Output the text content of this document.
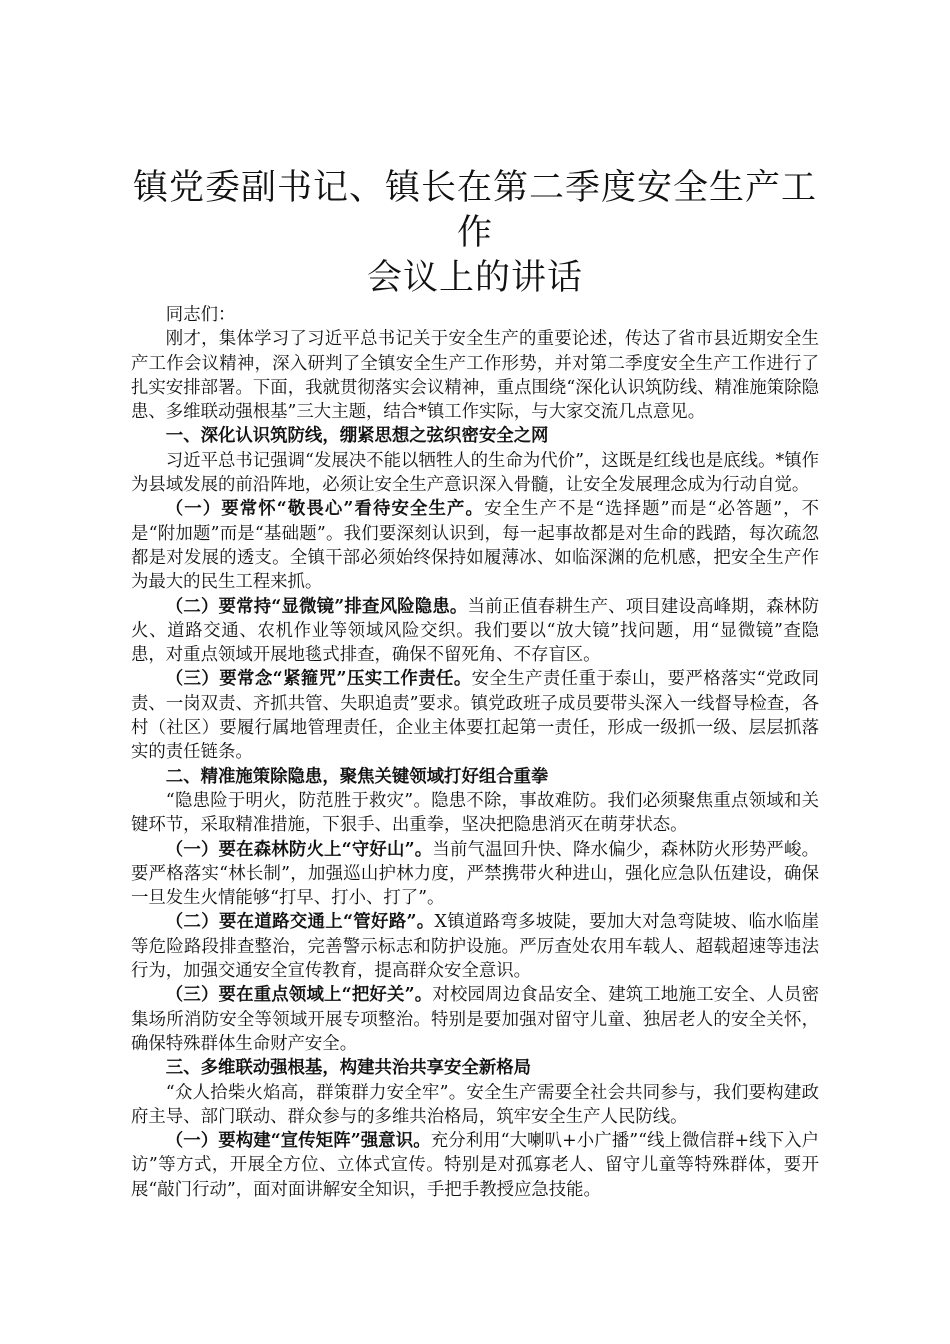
镇党委副书记、镇长在第二季度安全生产工作
会议上的讲话

同志们：

刚才，集体学习了习近平总书记关于安全生产的重要论述，传达了省市县近期安全生产工作会议精神，深入研判了全镇安全生产工作形势，并对第二季度安全生产工作进行了扎实安排部署。下面，我就贯彻落实会议精神，重点围绕“深化认识筑防线、精准施策除隐患、多维联动强根基”三大主题，结合*镇工作实际，与大家交流几点意见。

一、深化认识筑防线，绷紧思想之弦织密安全之网

习近平总书记强调“发展决不能以牺牲人的生命为代价”，这既是红线也是底线。*镇作为县域发展的前沿阵地，必须让安全生产意识深入骨髓，让安全发展理念成为行动自觉。

（一）要常怀“敬畏心”看待安全生产。安全生产不是“选择题”而是“必答题”，不是“附加题”而是“基础题”。我们要深刻认识到，每一起事故都是对生命的践踏，每次疏忽都是对发展的透支。全镇干部必须始终保持如履薄冰、如临深渊的危机感，把安全生产作为最大的民生工程来抓。

（二）要常持“显微镜”排查风险隐患。当前正值春耕生产、项目建设高峰期，森林防火、道路交通、农机作业等领域风险交织。我们要以“放大镜”找问题，用“显微镜”查隐患，对重点领域开展地毯式排查，确保不留死角、不存盲区。

（三）要常念“紧箍咒”压实工作责任。安全生产责任重于泰山，要严格落实“党政同责、一岗双责、齐抓共管、失职追责”要求。镇党政班子成员要带头深入一线督导检查，各村（社区）要履行属地管理责任，企业主体要扛起第一责任，形成一级抓一级、层层抓落实的责任链条。

二、精准施策除隐患，聚焦关键领域打好组合重拳

“隐患险于明火，防范胜于救灾”。隐患不除，事故难防。我们必须聚焦重点领域和关键环节，采取精准措施，下狠手、出重拳，坚决把隐患消灭在萌芽状态。

（一）要在森林防火上“守好山”。当前气温回升快、降水偏少，森林防火形势严峻。要严格落实“林长制”，加强巡山护林力度，严禁携带火种进山，强化应急队伍建设，确保一旦发生火情能够“打早、打小、打了”。

（二）要在道路交通上“管好路”。X镇道路弯多坡陡，要加大对急弯陡坡、临水临崖等危险路段排查整治，完善警示标志和防护设施。严厉查处农用车载人、超载超速等违法行为，加强交通安全宣传教育，提高群众安全意识。

（三）要在重点领域上“把好关”。对校园周边食品安全、建筑工地施工安全、人员密集场所消防安全等领域开展专项整治。特别是要加强对留守儿童、独居老人的安全关怀，确保特殊群体生命财产安全。

三、多维联动强根基，构建共治共享安全新格局

“众人拾柴火焰高，群策群力安全牢”。安全生产需要全社会共同参与，我们要构建政府主导、部门联动、群众参与的多维共治格局，筑牢安全生产人民防线。

（一）要构建“宣传矩阵”强意识。充分利用“大喇叭+小广播”“线上微信群+线下入户访”等方式，开展全方位、立体式宣传。特别是对孤寡老人、留守儿童等特殊群体，要开展“敲门行动”，面对面讲解安全知识，手把手教授应急技能。
